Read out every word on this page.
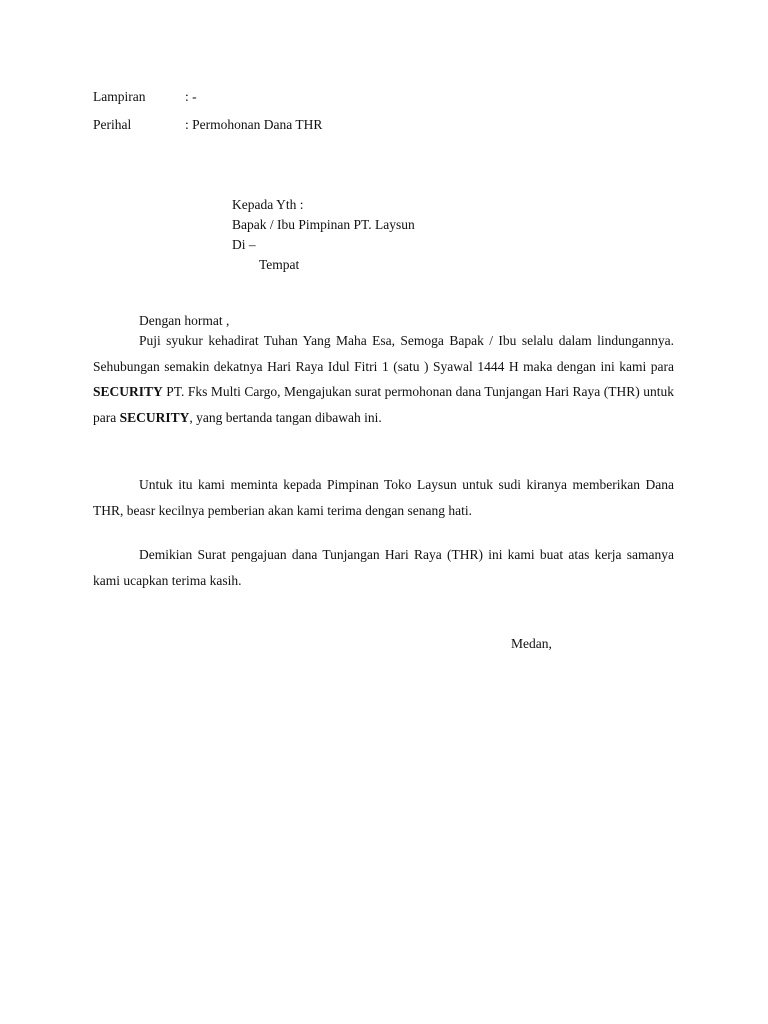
Lampiran	: -
Perihal	: Permohonan Dana THR
Kepada Yth :
Bapak / Ibu Pimpinan PT. Laysun
Di –
Tempat
Dengan hormat ,

Puji syukur kehadirat Tuhan Yang Maha Esa, Semoga Bapak / Ibu selalu dalam lindungannya. Sehubungan semakin dekatnya Hari Raya Idul Fitri 1 (satu ) Syawal 1444 H maka dengan ini kami para SECURITY PT. Fks Multi Cargo, Mengajukan surat permohonan dana Tunjangan Hari Raya (THR) untuk para SECURITY, yang bertanda tangan dibawah ini.

Untuk itu kami meminta kepada Pimpinan Toko Laysun untuk sudi kiranya memberikan Dana THR, beasr kecilnya pemberian akan kami terima dengan senang hati.

Demikian Surat pengajuan dana Tunjangan Hari Raya (THR) ini kami buat atas kerja samanya kami ucapkan terima kasih.

Medan,
